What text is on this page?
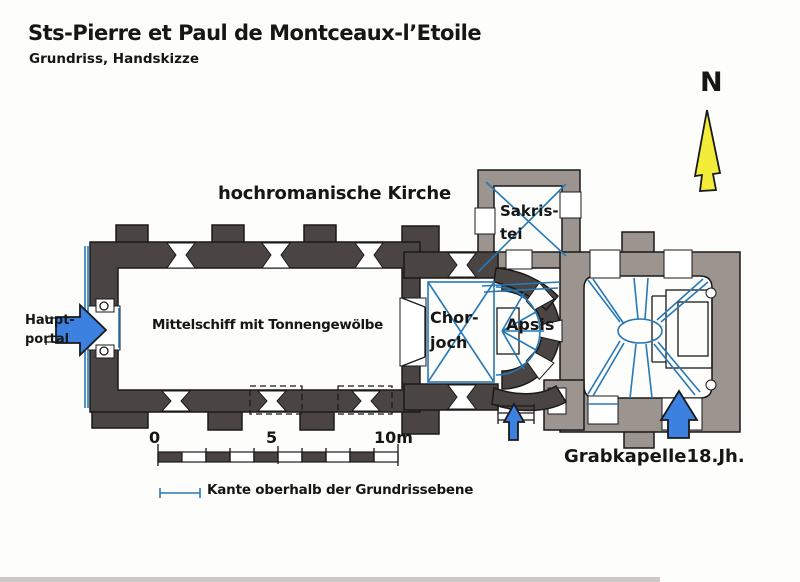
Sts-Pierre et Paul de Montceaux-l’Etoile
Grundriss, Handskizze
N
hochromanische Kirche
Mittelschiff mit Tonnengewölbe	Chor-
joch
Apsis
Sakris-
tei
Haupt-
portal
Grabkapelle18.Jh.
0	5	10m
Kante oberhalb der Grundrissebene
